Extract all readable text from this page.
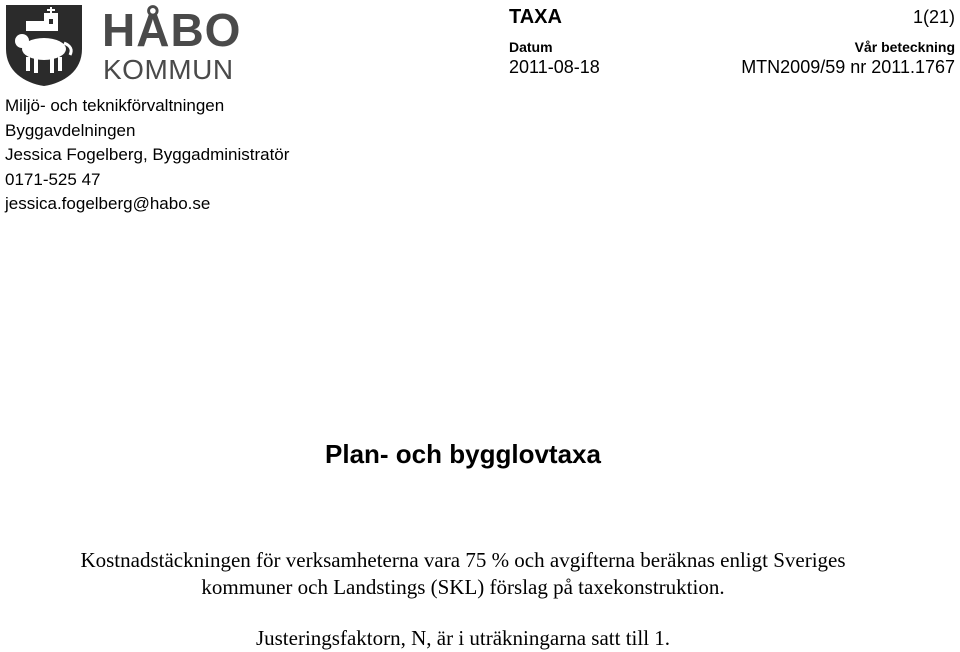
HÅBO
KOMMUN
Miljö- och teknikförvaltningen
Byggavdelningen
Jessica Fogelberg, Byggadministratör
0171-525 47
jessica.fogelberg@habo.se
TAXA	1(21)
Datum
2011-08-18
Vår beteckning
MTN2009/59 nr 2011.1767
Plan- och bygglovtaxa
Kostnadstäckningen för verksamheterna vara 75 % och avgifterna beräknas enligt Sveriges
kommuner och Landstings (SKL) förslag på taxekonstruktion.
Justeringsfaktorn, N, är i uträkningarna satt till 1.
